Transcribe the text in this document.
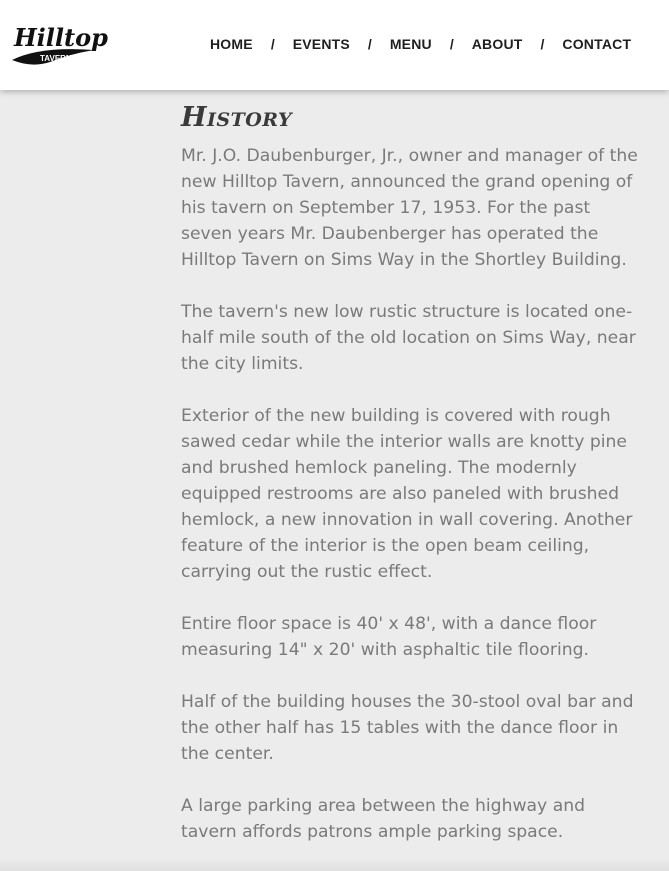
Hilltop
TAVERN
HOME / EVENTS / MENU / ABOUT / CONTACT
History

Mr. J.O. Daubenburger, Jr., owner and manager of the new Hilltop Tavern, announced the grand opening of his tavern on September 17, 1953. For the past seven years Mr. Daubenberger has operated the Hilltop Tavern on Sims Way in the Shortley Building.

The tavern's new low rustic structure is located one-half mile south of the old location on Sims Way, near the city limits.

Exterior of the new building is covered with rough sawed cedar while the interior walls are knotty pine and brushed hemlock paneling. The modernly equipped restrooms are also paneled with brushed hemlock, a new innovation in wall covering. Another feature of the interior is the open beam ceiling, carrying out the rustic effect.

Entire floor space is 40' x 48', with a dance floor measuring 14" x 20' with asphaltic tile flooring.

Half of the building houses the 30-stool oval bar and the other half has 15 tables with the dance floor in the center.

A large parking area between the highway and tavern affords patrons ample parking space.
